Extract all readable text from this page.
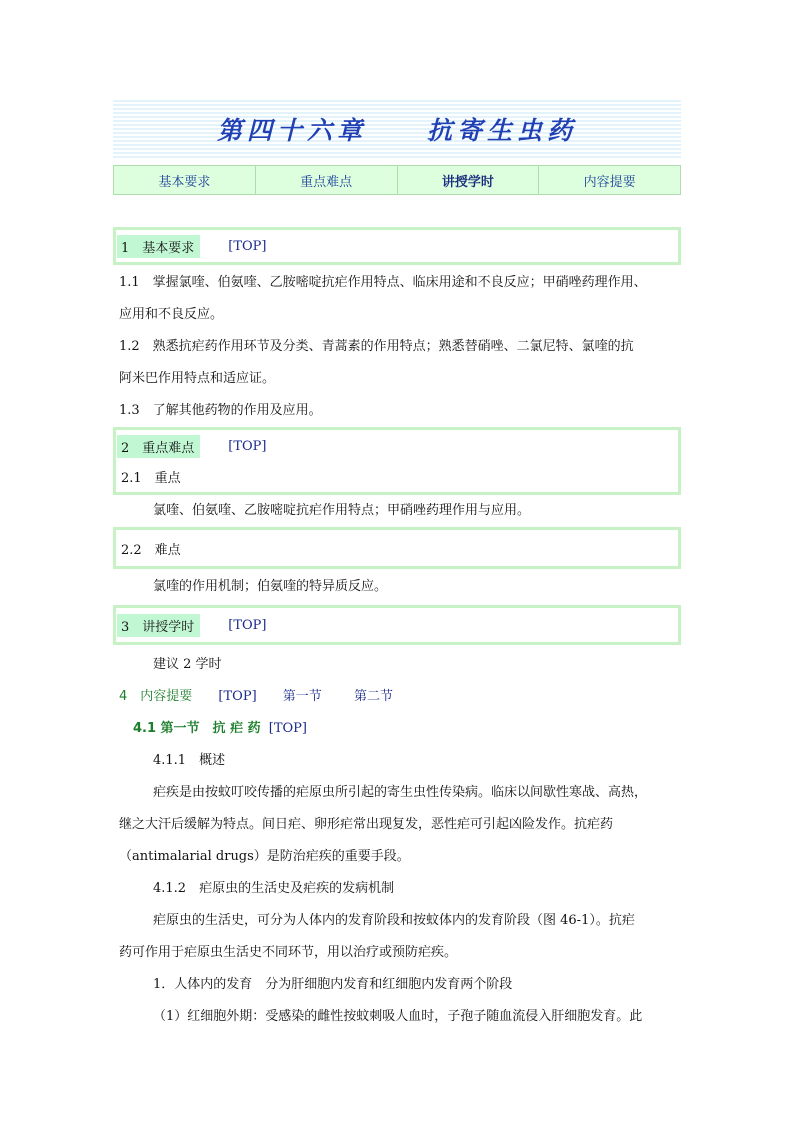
第四十六章　　抗寄生虫药
基本要求	重点难点	讲授学时	内容提要
1　基本要求	[TOP]

1.1　掌握氯喹、伯氨喹、乙胺嘧啶抗疟作用特点、临床用途和不良反应；甲硝唑药理作用、

应用和不良反应。

1.2　熟悉抗疟药作用环节及分类、青蒿素的作用特点；熟悉替硝唑、二氯尼特、氯喹的抗

阿米巴作用特点和适应证。

1.3　了解其他药物的作用及应用。

2　重点难点	[TOP]
2.1　重点

氯喹、伯氨喹、乙胺嘧啶抗疟作用特点；甲硝唑药理作用与应用。

2.2　难点

氯喹的作用机制；伯氨喹的特异质反应。

3　讲授学时	[TOP]

建议 2 学时

4　内容提要 [TOP] 第一节 第二节

4.1 第一节　抗 疟 药 [TOP]

4.1.1　概述

疟疾是由按蚊叮咬传播的疟原虫所引起的寄生虫性传染病。临床以间歇性寒战、高热，

继之大汗后缓解为特点。间日疟、卵形疟常出现复发，恶性疟可引起凶险发作。抗疟药

（antimalarial drugs）是防治疟疾的重要手段。

4.1.2　疟原虫的生活史及疟疾的发病机制

疟原虫的生活史，可分为人体内的发育阶段和按蚊体内的发育阶段（图 46-1）。抗疟

药可作用于疟原虫生活史不同环节，用以治疗或预防疟疾。

1．人体内的发育　分为肝细胞内发育和红细胞内发育两个阶段

（1）红细胞外期：受感染的雌性按蚊刺吸人血时，子孢子随血流侵入肝细胞发育。此
